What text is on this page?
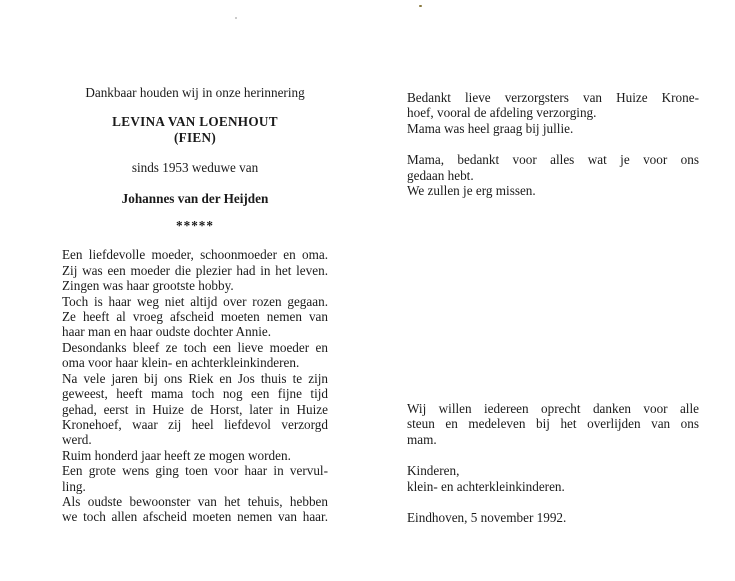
Dankbaar houden wij in onze herinnering

LEVINA VAN LOENHOUT

(FIEN)

sinds 1953 weduwe van

Johannes van der Heijden

*****

Een liefdevolle moeder, schoonmoeder en oma.
Zij was een moeder die plezier had in het leven.
Zingen was haar grootste hobby.
Toch is haar weg niet altijd over rozen gegaan.
Ze heeft al vroeg afscheid moeten nemen van
haar man en haar oudste dochter Annie.
Desondanks bleef ze toch een lieve moeder en
oma voor haar klein- en achterkleinkinderen.
Na vele jaren bij ons Riek en Jos thuis te zijn
geweest, heeft mama toch nog een fijne tijd
gehad, eerst in Huize de Horst, later in Huize
Kronehoef, waar zij heel liefdevol verzorgd
werd.
Ruim honderd jaar heeft ze mogen worden.
Een grote wens ging toen voor haar in vervul-
ling.
Als oudste bewoonster van het tehuis, hebben
we toch allen afscheid moeten nemen van haar.
Bedankt lieve verzorgsters van Huize Krone-
hoef, vooral de afdeling verzorging.
Mama was heel graag bij jullie.
Mama, bedankt voor alles wat je voor ons
gedaan hebt.
We zullen je erg missen.
Wij willen iedereen oprecht danken voor alle
steun en medeleven bij het overlijden van ons
mam.
Kinderen,
klein- en achterkleinkinderen.
Eindhoven, 5 november 1992.
